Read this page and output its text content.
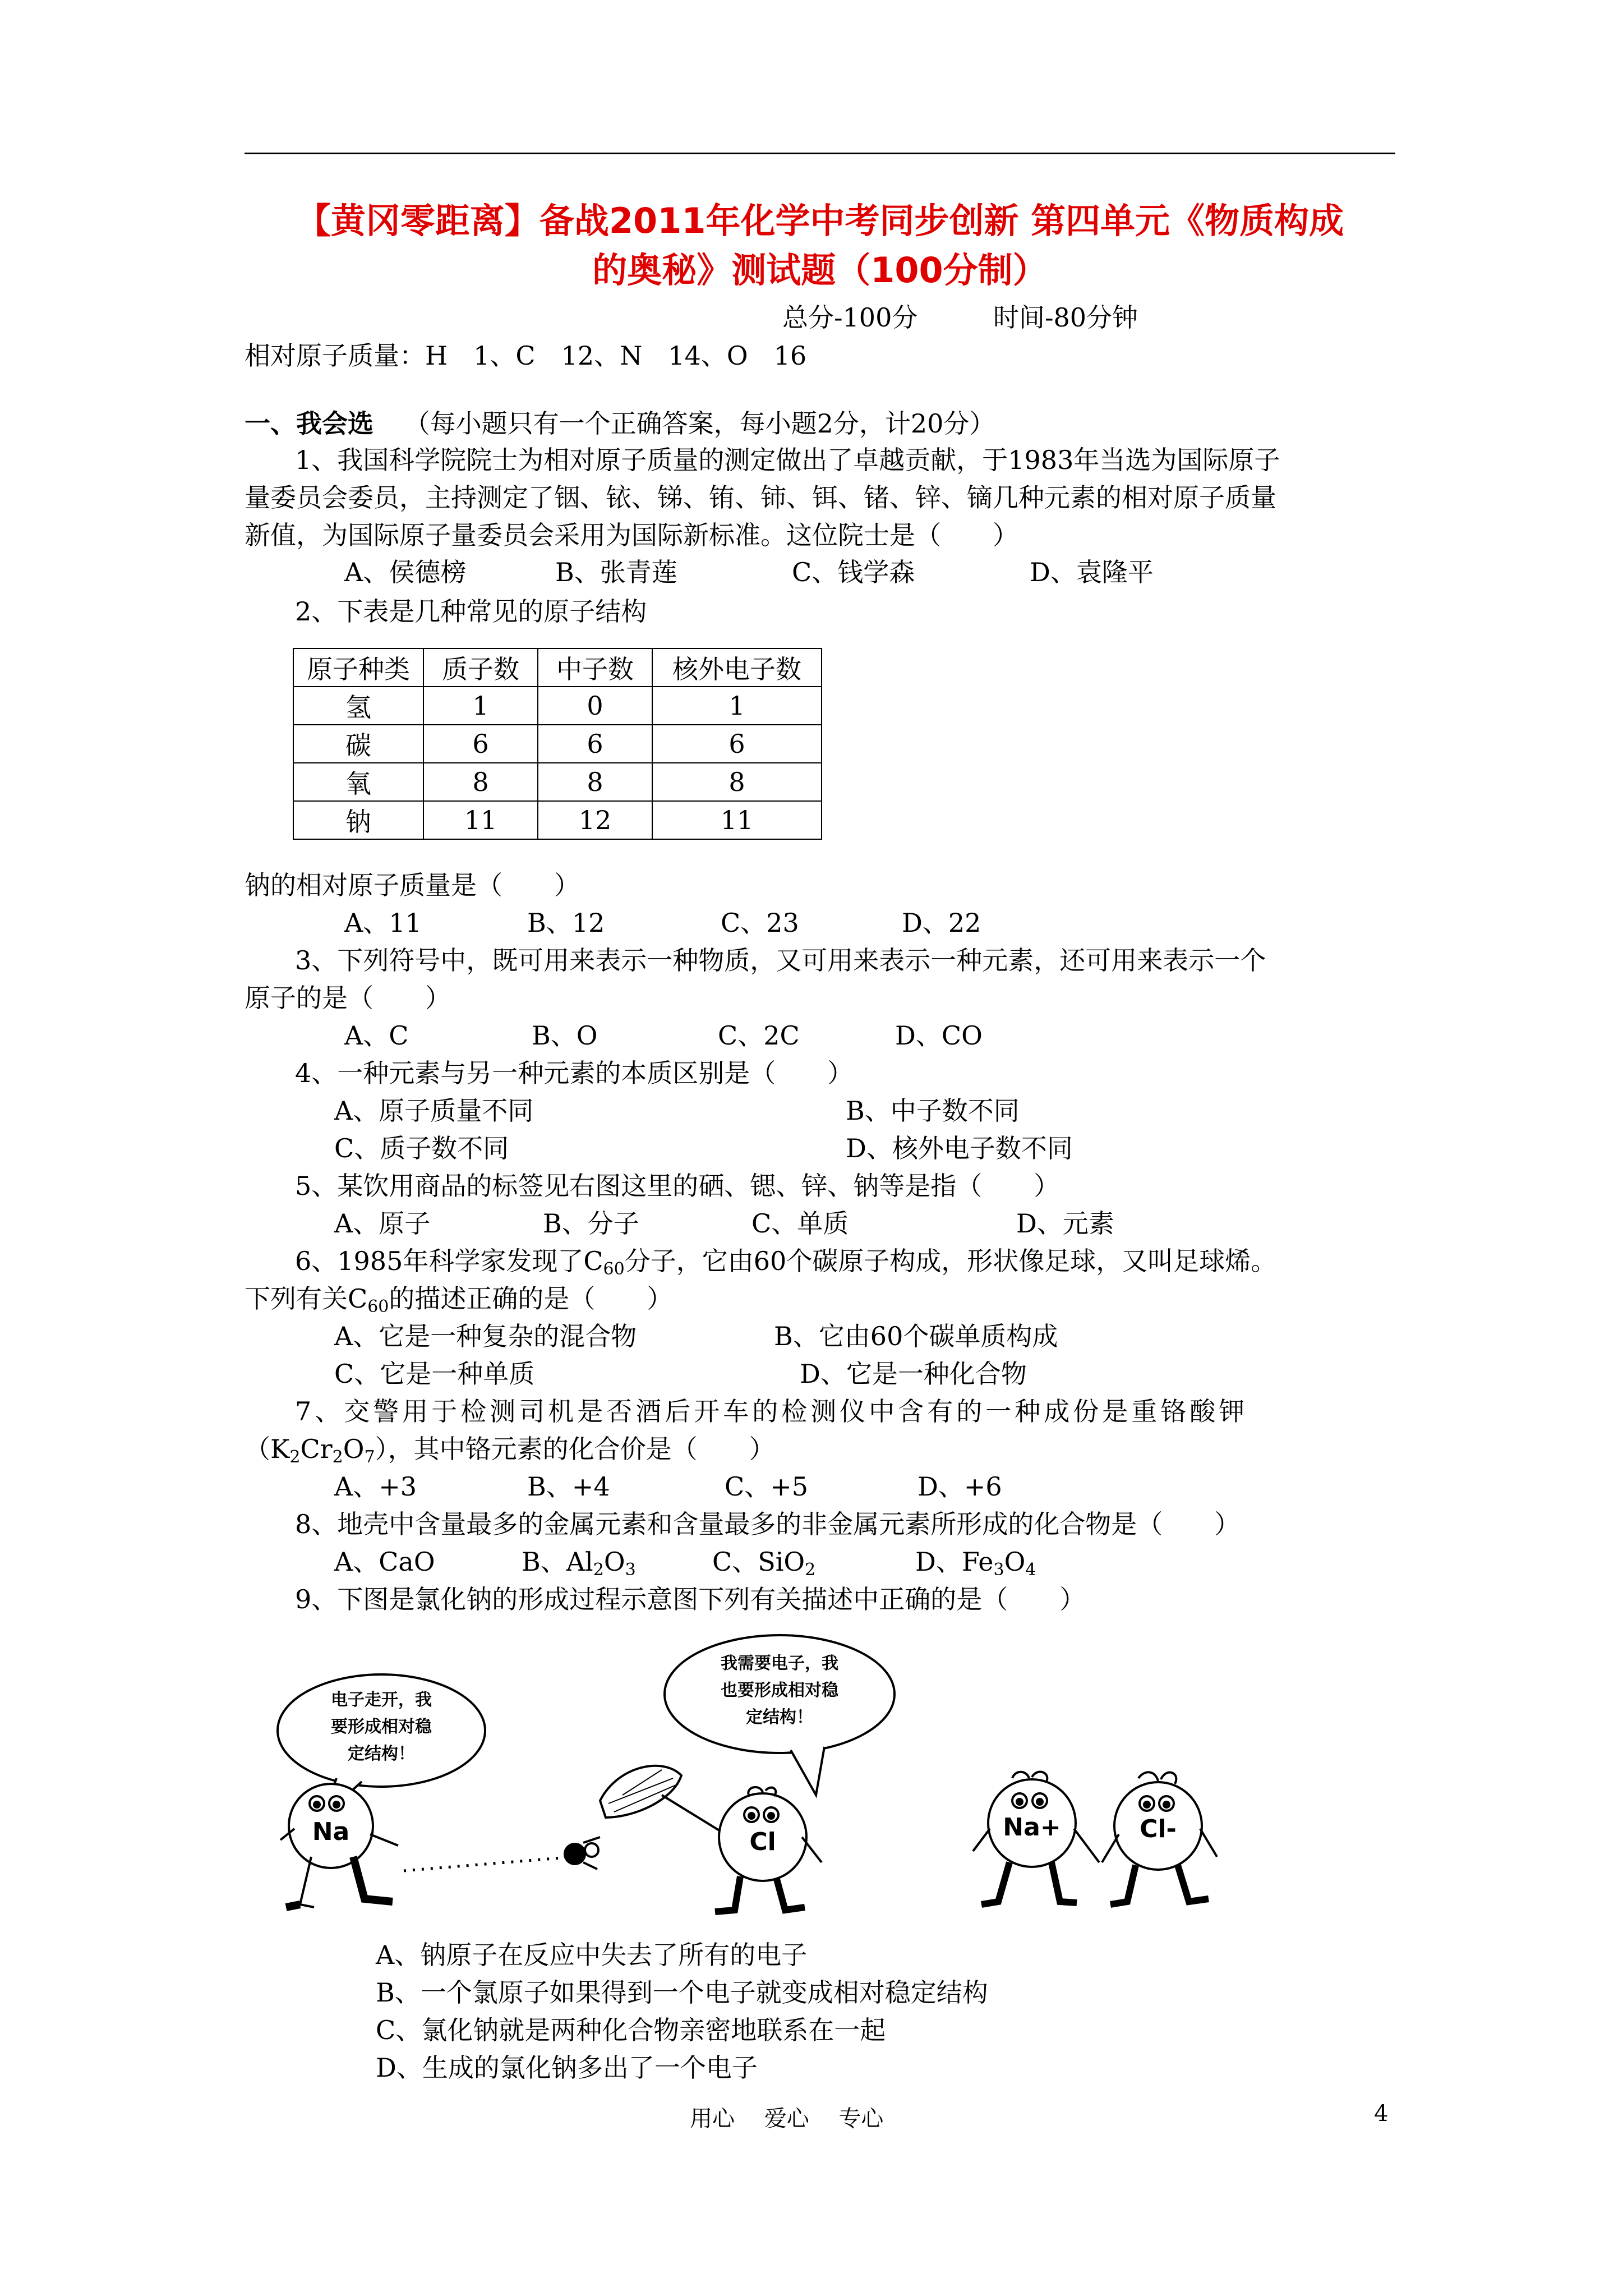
【黄冈零距离】备战2011年化学中考同步创新 第四单元《物质构成
的奥秘》测试题（100分制）
总分-100分	时间-80分钟
相对原子质量：H　1、C　12、N　14、O　16
一、我会选 （每小题只有一个正确答案，每小题2分，计20分）
1、我国科学院院士为相对原子质量的测定做出了卓越贡献，于1983年当选为国际原子
量委员会委员，主持测定了铟、铱、锑、铕、铈、铒、锗、锌、镝几种元素的相对原子质量
新值，为国际原子量委员会采用为国际新标准。这位院士是（　　）
A、侯德榜	B、张青莲	C、钱学森	D、袁隆平
2、下表是几种常见的原子结构
原子种类	质子数	中子数	核外电子数
氢	1	0	1
碳	6	6	6
氧	8	8	8
钠	11	12	11
钠的相对原子质量是（　　）
A、11	B、12	C、23	D、22
3、下列符号中，既可用来表示一种物质，又可用来表示一种元素，还可用来表示一个
原子的是（　　）
A、C	B、O	C、2C	D、CO
4、一种元素与另一种元素的本质区别是（　　）
A、原子质量不同	B、中子数不同
C、质子数不同	D、核外电子数不同
5、某饮用商品的标签见右图这里的硒、锶、锌、钠等是指（　　）
A、原子	B、分子	C、单质	D、元素
6、1985年科学家发现了$C_{60}$分子，它由60个碳原子构成，形状像足球，又叫足球烯。
下列有关$C_{60}$的描述正确的是（　　）
A、它是一种复杂的混合物	B、它由60个碳单质构成
C、它是一种单质	D、它是一种化合物
7、交警用于检测司机是否酒后开车的检测仪中含有的一种成份是重铬酸钾
$(K_2Cr_2O_7)$，其中铬元素的化合价是（　　）
A、+3	B、+4	C、+5	D、+6
8、地壳中含量最多的金属元素和含量最多的非金属元素所形成的化合物是（　　）
A、CaO	B、$Al_2O_3$	C、SiO$_2$	D、$Fe_3O_4$
9、下图是氯化钠的形成过程示意图下列有关描述中正确的是（　　）
电子走开，我
要形成相对稳
定结构！
我需要电子，我
也要形成相对稳
定结构！
Na	Cl
Na+	Cl-
A、钠原子在反应中失去了所有的电子
B、一个氯原子如果得到一个电子就变成相对稳定结构
C、氯化钠就是两种化合物亲密地联系在一起
D、生成的氯化钠多出了一个电子
用心 爱心 专心	4
